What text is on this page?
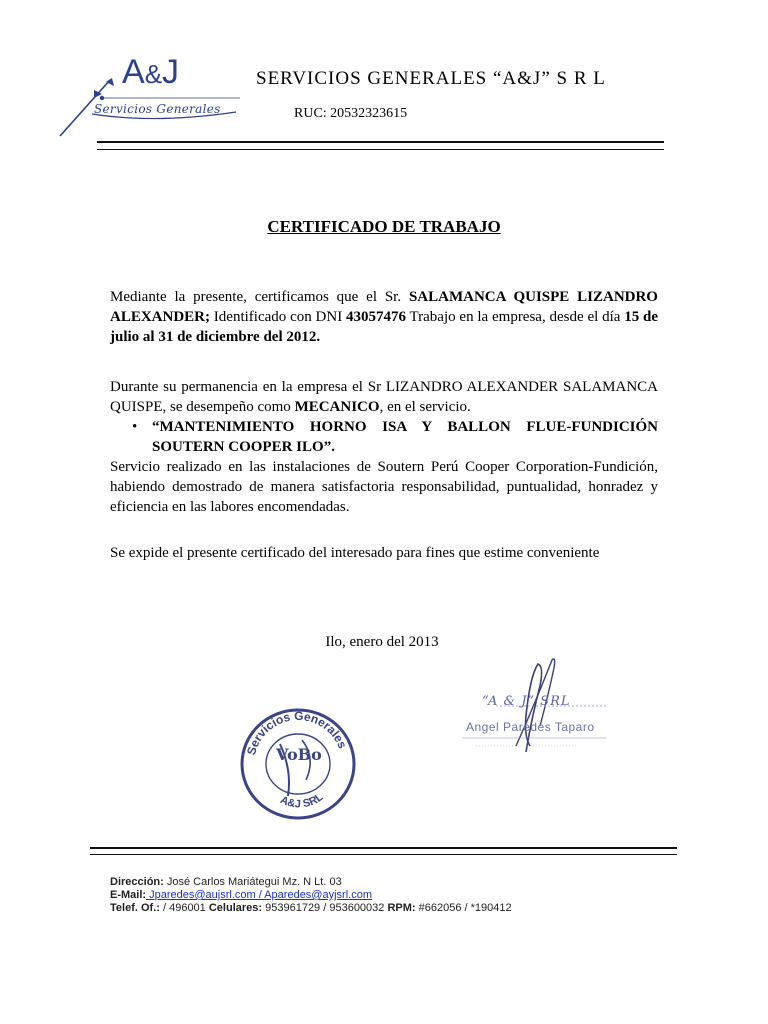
A&J
Servicios Generales
SERVICIOS GENERALES “A&J” S R L
RUC: 20532323615
CERTIFICADO DE TRABAJO
Mediante la presente, certificamos que el Sr. SALAMANCA QUISPE LIZANDRO ALEXANDER; Identificado con DNI 43057476 Trabajo en la empresa, desde el día 15 de julio al 31 de diciembre del 2012.
Durante su permanencia en la empresa el Sr LIZANDRO ALEXANDER SALAMANCA QUISPE, se desempeño como MECANICO, en el servicio.
• “MANTENIMIENTO HORNO ISA Y BALLON FLUE-FUNDICIÓN SOUTERN COOPER ILO”.
Servicio realizado en las instalaciones de Soutern Perú Cooper Corporation-Fundición, habiendo demostrado de manera satisfactoria responsabilidad, puntualidad, honradez y eficiencia en las labores encomendadas.
Se expide el presente certificado del interesado para fines que estime conveniente
Ilo, enero del 2013
Servicios Generales
A&J SRL
VoBo
“A & J” SRL
Angel Paredes Taparo
Dirección: José Carlos Mariátegui Mz. N Lt. 03
E-Mail: Jparedes@aujsrl.com / Aparedes@ayjsrl.com
Telef. Of.: / 496001 Celulares: 953961729 / 953600032 RPM: #662056 / *190412
